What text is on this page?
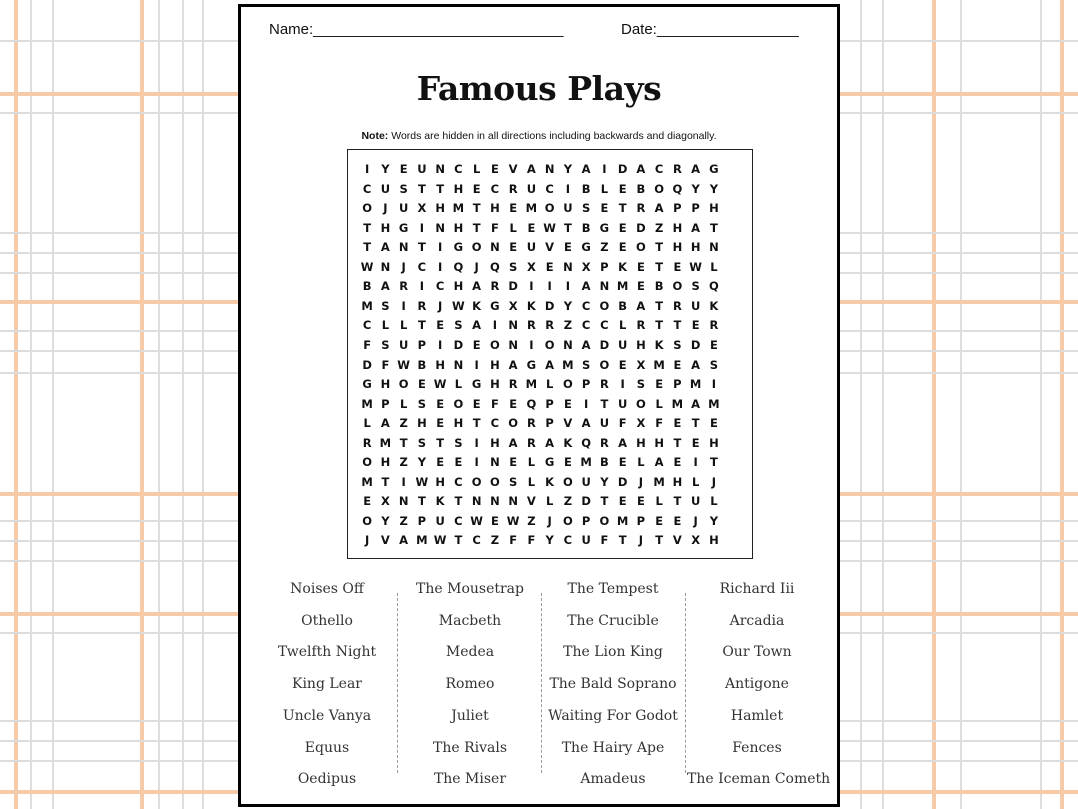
Name:______________________________	Date:_________________
Famous Plays
Note: Words are hidden in all directions including backwards and diagonally.
I	Y E U N C L E V A N Y A	I D A C R A G
C U S T T H E C R U C	I	B L E B O Q Y Y
O J U X H M T H E M O U S E T R A P P H
T H G I N H T F L E W T B G E D Z H A T
T A N T	I G O N E U V E G Z E O T H H N
W N J	C	I Q J Q S X E N X P K E T E W L
B A R	I	C H A R D I	I	I	A N M E B O S Q
M S	I	R	J W K G X K D Y C O B A T R U K
C L L T E S A	I N R R Z C C L R T T E R
F S U P	I D E O N I O N A D U H K S D E
D F W B H N I H A G A M S O E X M E A S
G H O E W L G H R M L O P R	I	S E P M I
M P L S E O E F E Q P E	I	T U O L M A M
L A Z H E H T C O R P V A U F X F E T E
R M T S T S	I H A R A K Q R A H H T E H
O H Z Y E E	I N E L G E M B E L A E	I	T
M T	I W H C O O S L K O U Y D J M H L	J
E X N T K T N N N V L Z D T E E L T U L
O Y Z P U C W E W Z	J O P O M P E E	J	Y
J	V A M W T C Z F F Y C U F T	J	T V X H
Noises Off
Othello
Twelfth Night
King Lear
Uncle Vanya
Equus
Oedipus
The Mousetrap
Macbeth
Medea
Romeo
Juliet
The Rivals
The Miser
The Tempest
The Crucible
The Lion King
The Bald Soprano
Waiting For Godot
The Hairy Ape
Amadeus
Richard Iii
Arcadia
Our Town
Antigone
Hamlet
Fences
The Iceman Cometh
